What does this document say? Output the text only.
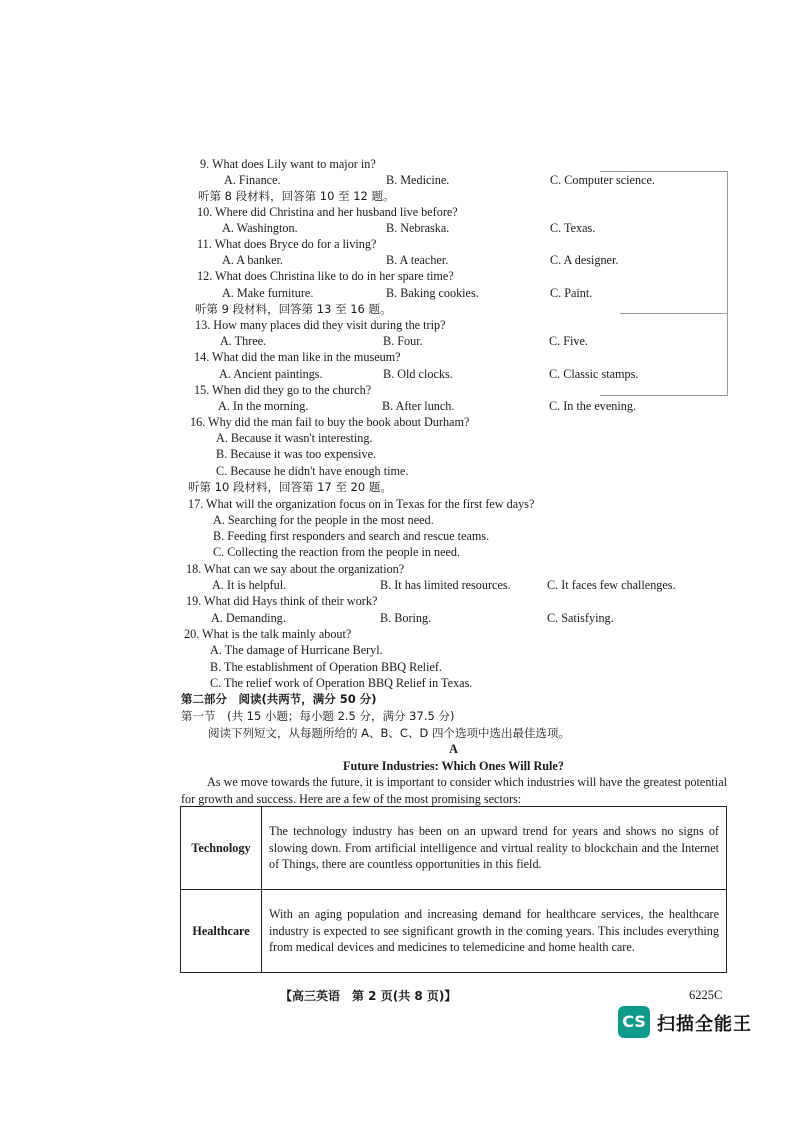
9. What does Lily want to major in?
A. Finance.	B. Medicine.	C. Computer science.
听第 8 段材料，回答第 10 至 12 题。
10. Where did Christina and her husband live before?
A. Washington.	B. Nebraska.	C. Texas.
11. What does Bryce do for a living?
A. A banker.	B. A teacher.	C. A designer.
12. What does Christina like to do in her spare time?
A. Make furniture.	B. Baking cookies.	C. Paint.
听第 9 段材料，回答第 13 至 16 题。
13. How many places did they visit during the trip?
A. Three.	B. Four.	C. Five.
14. What did the man like in the museum?
A. Ancient paintings.	B. Old clocks.	C. Classic stamps.
15. When did they go to the church?
A. In the morning.	B. After lunch.	C. In the evening.
16. Why did the man fail to buy the book about Durham?
A. Because it wasn't interesting.
B. Because it was too expensive.
C. Because he didn't have enough time.
听第 10 段材料，回答第 17 至 20 题。
17. What will the organization focus on in Texas for the first few days?
A. Searching for the people in the most need.
B. Feeding first responders and search and rescue teams.
C. Collecting the reaction from the people in need.
18. What can we say about the organization?
A. It is helpful.	B. It has limited resources.	C. It faces few challenges.
19. What did Hays think of their work?
A. Demanding.	B. Boring.	C. Satisfying.
20. What is the talk mainly about?
A. The damage of Hurricane Beryl.
B. The establishment of Operation BBQ Relief.
C. The relief work of Operation BBQ Relief in Texas.
第二部分　阅读(共两节，满分 50 分)
第一节　(共 15 小题；每小题 2.5 分，满分 37.5 分)
阅读下列短文，从每题所给的 A、B、C、D 四个选项中选出最佳选项。
A
Future Industries: Which Ones Will Rule?
As we move towards the future, it is important to consider which industries will have the greatest potential for growth and success. Here are a few of the most promising sectors:
Technology	The technology industry has been on an upward trend for years and shows no signs of slowing down. From artificial intelligence and virtual reality to blockchain and the Internet of Things, there are countless opportunities in this field.
Healthcare	With an aging population and increasing demand for healthcare services, the healthcare industry is expected to see significant growth in the coming years. This includes everything from medical devices and medicines to telemedicine and home health care.
【高三英语　第 2 页(共 8 页)】	6225C
CS 扫描全能王
